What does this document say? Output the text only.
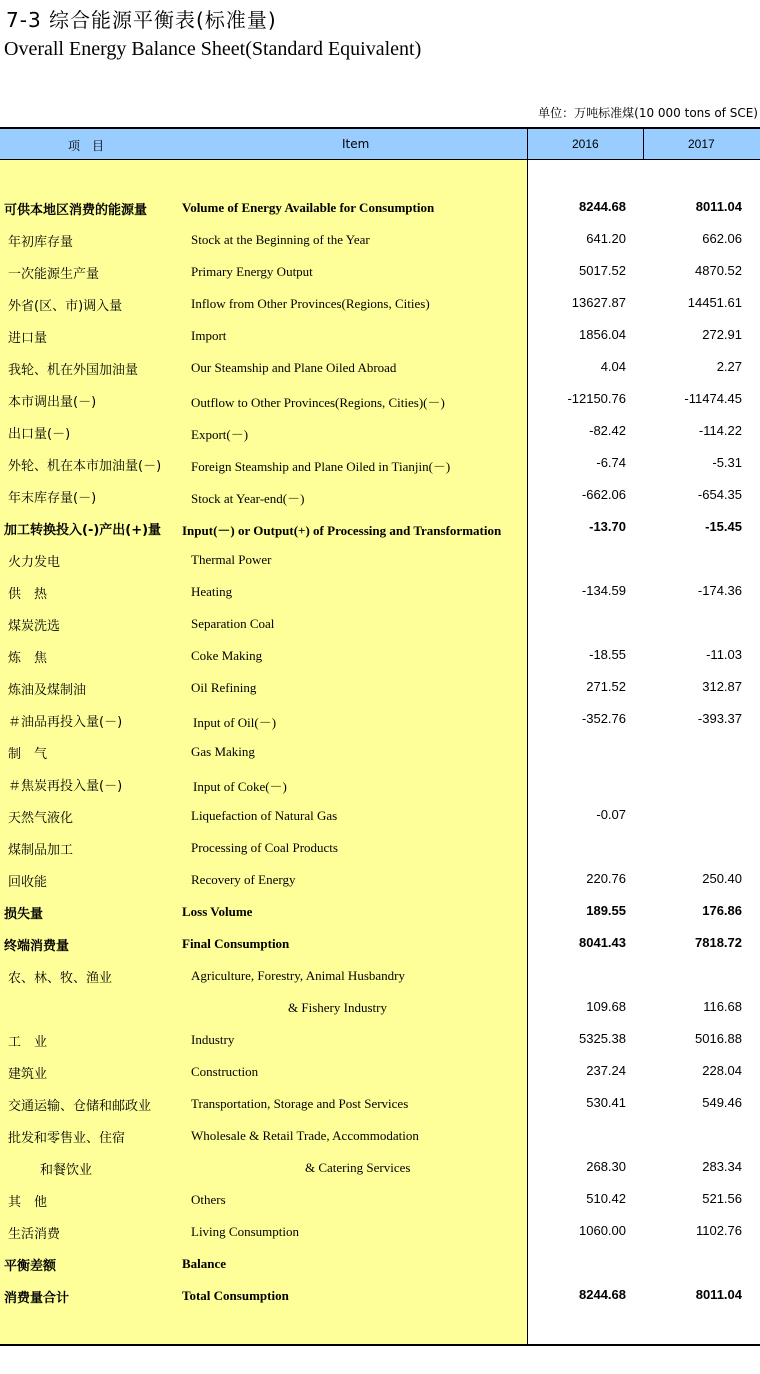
7-3 综合能源平衡表(标准量)
Overall Energy Balance Sheet(Standard Equivalent)
单位：万吨标准煤(10 000 tons of SCE)
项　目	Item	2016	2017
可供本地区消费的能源量	Volume of Energy Available for Consumption	8244.68	8011.04
年初库存量	Stock at the Beginning of the Year	641.20	662.06
一次能源生产量	Primary Energy Output	5017.52	4870.52
外省(区、市)调入量	Inflow from Other Provinces(Regions, Cities)	13627.87	14451.61
进口量	Import	1856.04	272.91
我轮、机在外国加油量	Our Steamship and Plane Oiled Abroad	4.04	2.27
本市调出量(－)	Outflow to Other Provinces(Regions, Cities)(－)	-12150.76	-11474.45
出口量(－)	Export(－)	-82.42	-114.22
外轮、机在本市加油量(－) Foreign Steamship and Plane Oiled in Tianjin(－)	-6.74	-5.31
年末库存量(－)	Stock at Year-end(－)	-662.06	-654.35
加工转换投入(-)产出(+)量 Input(－) or Output(+) of Processing and Transformation	-13.70	-15.45
火力发电	Thermal Power
供　热	Heating	-134.59	-174.36
煤炭洗选	Separation Coal
炼　焦	Coke Making	-18.55	-11.03
炼油及煤制油	Oil Refining	271.52	312.87
＃油品再投入量(－)	Input of Oil(－)	-352.76	-393.37
制　气	Gas Making
＃焦炭再投入量(－)	Input of Coke(－)
天然气液化	Liquefaction of Natural Gas	-0.07
煤制品加工	Processing of Coal Products
回收能	Recovery of Energy	220.76	250.40
损失量	Loss Volume	189.55	176.86
终端消费量	Final Consumption	8041.43	7818.72
农、林、牧、渔业	Agriculture, Forestry, Animal Husbandry
& Fishery Industry	109.68	116.68
工　业	Industry	5325.38	5016.88
建筑业	Construction	237.24	228.04
交通运输、仓储和邮政业	Transportation, Storage and Post Services	530.41	549.46
批发和零售业、住宿	Wholesale & Retail Trade, Accommodation
和餐饮业	& Catering Services	268.30	283.34
其　他	Others	510.42	521.56
生活消费	Living Consumption	1060.00	1102.76
平衡差额	Balance
消费量合计	Total Consumption	8244.68	8011.04
